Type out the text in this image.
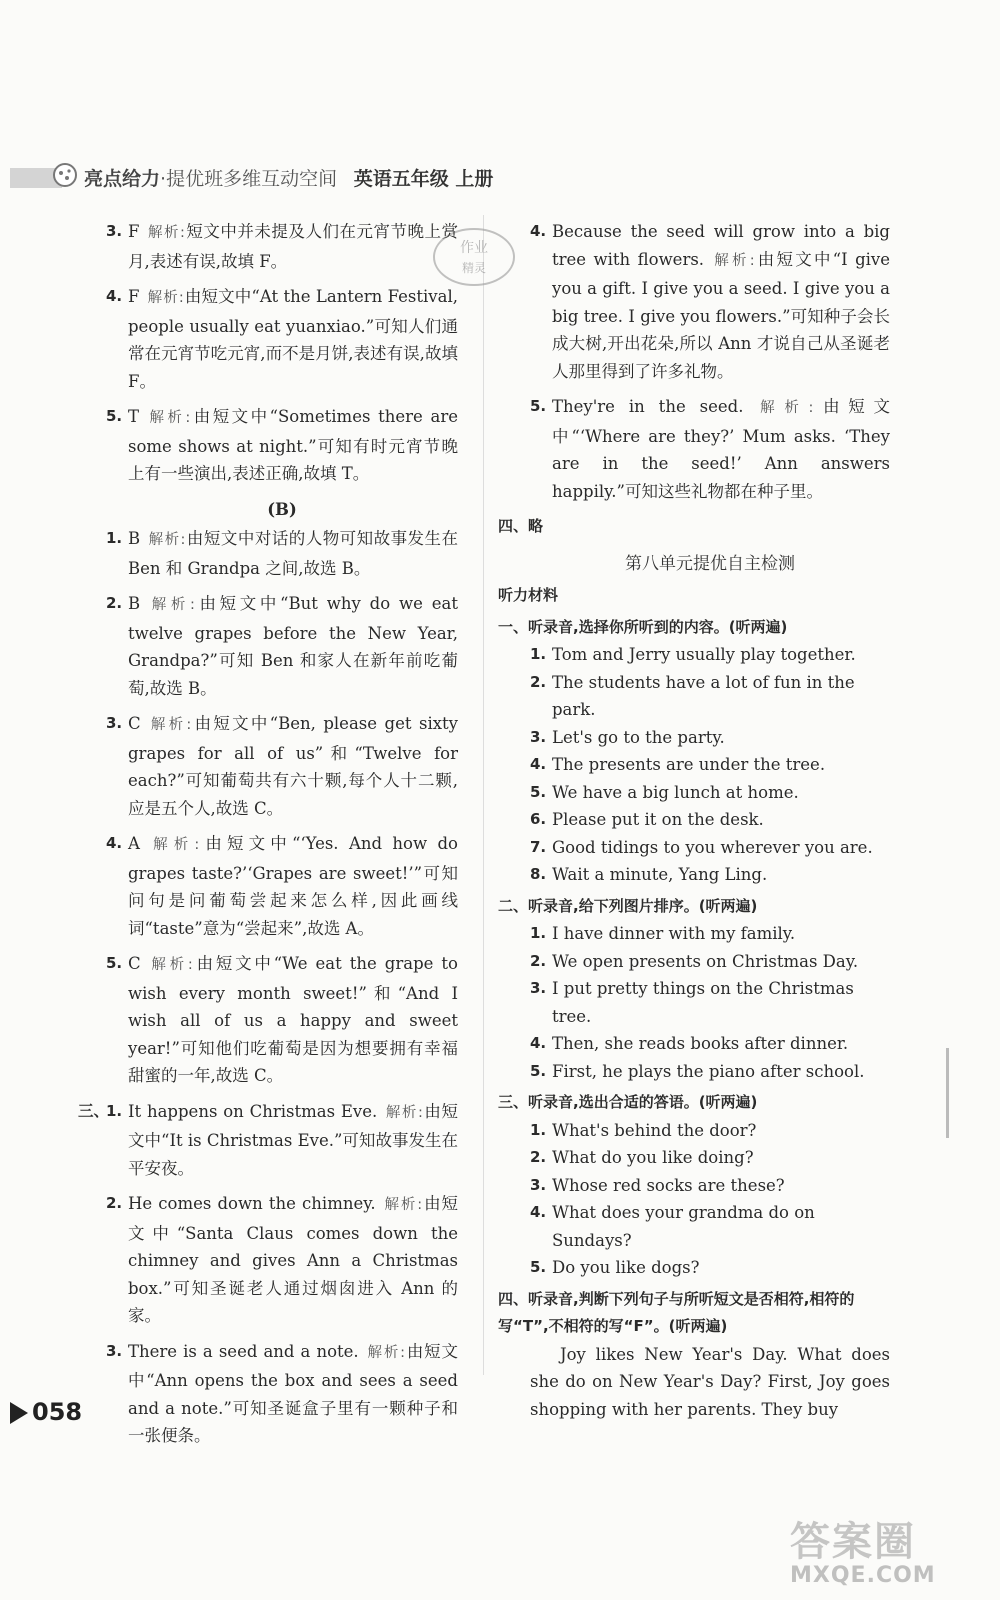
亮点给力·提优班多维互动空间 英语五年级 上册
作业
精灵
3. F 解析:短文中并未提及人们在元宵节晚上赏月,表述有误,故填 F。
4. F 解析:由短文中“At the Lantern Festival, people usually eat yuanxiao.”可知人们通常在元宵节吃元宵,而不是月饼,表述有误,故填 F。
5. T 解析:由短文中“Sometimes there are some shows at night.”可知有时元宵节晚上有一些演出,表述正确,故填 T。
(B)
1. B 解析:由短文中对话的人物可知故事发生在 Ben 和 Grandpa 之间,故选 B。
2. B 解析:由短文中“But why do we eat twelve grapes before the New Year, Grandpa?”可知 Ben 和家人在新年前吃葡萄,故选 B。
3. C 解析:由短文中“Ben, please get sixty grapes for all of us”和“Twelve for each?”可知葡萄共有六十颗,每个人十二颗,应是五个人,故选 C。
4. A 解析:由短文中“‘Yes. And how do grapes taste?’‘Grapes are sweet!’”可知问句是问葡萄尝起来怎么样,因此画线词“taste”意为“尝起来”,故选 A。
5. C 解析:由短文中“We eat the grape to wish every month sweet!”和“And I wish all of us a happy and sweet year!”可知他们吃葡萄是因为想要拥有幸福甜蜜的一年,故选 C。
三、
1. It happens on Christmas Eve. 解析:由短文中“It is Christmas Eve.”可知故事发生在平安夜。
2. He comes down the chimney. 解析:由短文中“Santa Claus comes down the chimney and gives Ann a Christmas box.”可知圣诞老人通过烟囱进入 Ann 的家。
3. There is a seed and a note. 解析:由短文中“Ann opens the box and sees a seed and a note.”可知圣诞盒子里有一颗种子和一张便条。
4. Because the seed will grow into a big tree with flowers. 解析:由短文中“I give you a gift. I give you a seed. I give you a big tree. I give you flowers.”可知种子会长成大树,开出花朵,所以 Ann 才说自己从圣诞老人那里得到了许多礼物。
5. They're in the seed. 解析:由短文中“‘Where are they?’ Mum asks. ‘They are in the seed!’ Ann answers happily.”可知这些礼物都在种子里。
四、略
第八单元提优自主检测
听力材料
一、听录音,选择你所听到的内容。(听两遍)
1. Tom and Jerry usually play together.
2. The students have a lot of fun in the park.
3. Let's go to the party.
4. The presents are under the tree.
5. We have a big lunch at home.
6. Please put it on the desk.
7. Good tidings to you wherever you are.
8. Wait a minute, Yang Ling.
二、听录音,给下列图片排序。(听两遍)
1. I have dinner with my family.
2. We open presents on Christmas Day.
3. I put pretty things on the Christmas tree.
4. Then, she reads books after dinner.
5. First, he plays the piano after school.
三、听录音,选出合适的答语。(听两遍)
1. What's behind the door?
2. What do you like doing?
3. Whose red socks are these?
4. What does your grandma do on Sundays?
5. Do you like dogs?
四、听录音,判断下列句子与所听短文是否相符,相符的写“T”,不相符的写“F”。(听两遍)
Joy likes New Year's Day. What does she do on New Year's Day? First, Joy goes shopping with her parents. They buy
058
答案圈
MXQE.COM
